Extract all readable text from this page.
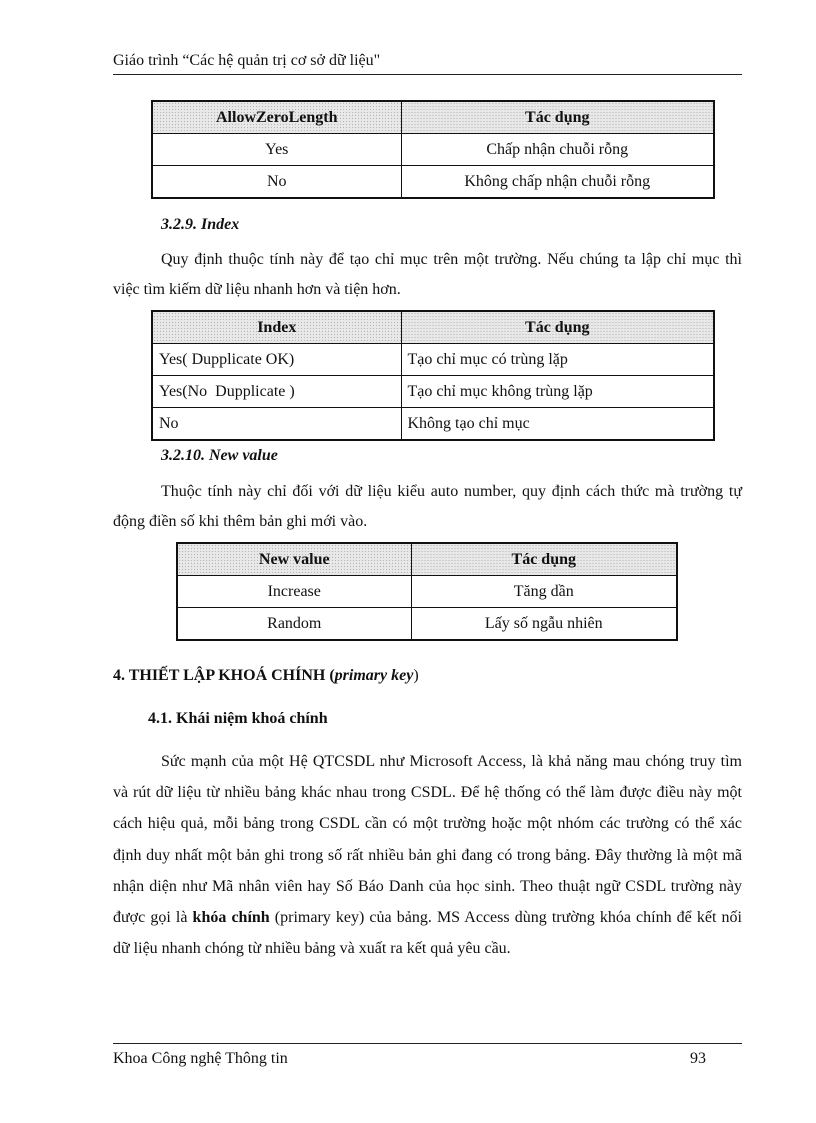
Giáo trình “Các hệ quản trị cơ sở dữ liệu"
AllowZeroLength	Tác dụng
Yes	Chấp nhận chuỗi rỗng
No	Không chấp nhận chuỗi rỗng
3.2.9. Index

Quy định thuộc tính này để tạo chỉ mục trên một trường. Nếu chúng ta lập chỉ mục thì việc tìm kiếm dữ liệu nhanh hơn và tiện hơn.

Index	Tác dụng
Yes( Dupplicate OK)	Tạo chỉ mục có trùng lặp
Yes(No  Dupplicate )	Tạo chỉ mục không trùng lặp
No	Không tạo chỉ mục
3.2.10. New value

Thuộc tính này chỉ đối với dữ liệu kiểu auto number, quy định cách thức mà trường tự động điền số khi thêm bản ghi mới vào.

New value	Tác dụng
Increase	Tăng dần
Random	Lấy số ngẫu nhiên
4. THIẾT LẬP KHOÁ CHÍNH (primary key)
4.1. Khái niệm khoá chính

Sức mạnh của một Hệ QTCSDL như Microsoft Access, là khả năng mau chóng truy tìm và rút dữ liệu từ nhiều bảng khác nhau trong CSDL. Để hệ thống có thể làm được điều này một cách hiệu quả, mỗi bảng trong CSDL cần có một trường hoặc một nhóm các trường có thể xác định duy nhất một bản ghi trong số rất nhiều bản ghi đang có trong bảng. Đây thường là một mã nhận diện như Mã nhân viên hay Số Báo Danh của học sinh. Theo thuật ngữ CSDL trường này được gọi là khóa chính (primary key) của bảng. MS Access dùng trường khóa chính để kết nối dữ liệu nhanh chóng từ nhiều bảng và xuất ra kết quả yêu cầu.

Khoa Công nghệ Thông tin	93
